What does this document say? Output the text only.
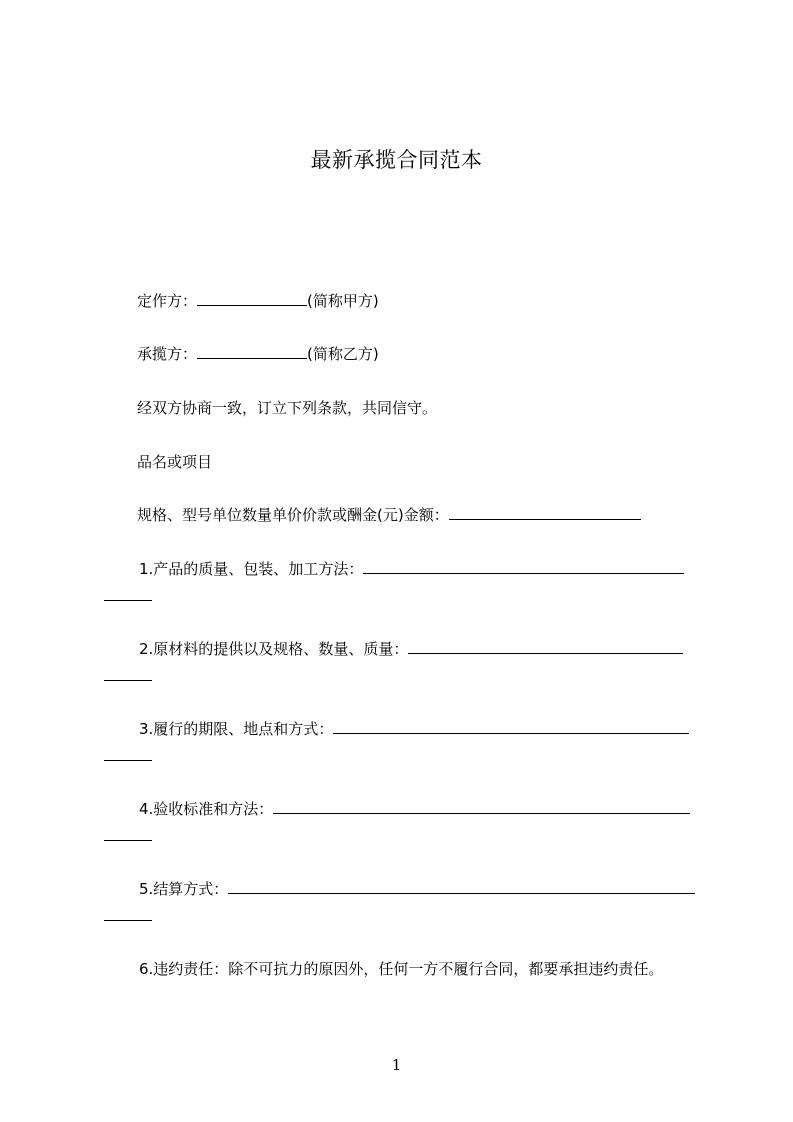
最新承揽合同范本
定作方：	(简称甲方)
承揽方：	(简称乙方)
经双方协商一致，订立下列条款，共同信守。
品名或项目
规格、型号单位数量单价价款或酬金(元)金额：
1.产品的质量、包装、加工方法：
2.原材料的提供以及规格、数量、质量：
3.履行的期限、地点和方式：
4.验收标准和方法：
5.结算方式：
6.违约责任：除不可抗力的原因外，任何一方不履行合同，都要承担违约责任。
1
